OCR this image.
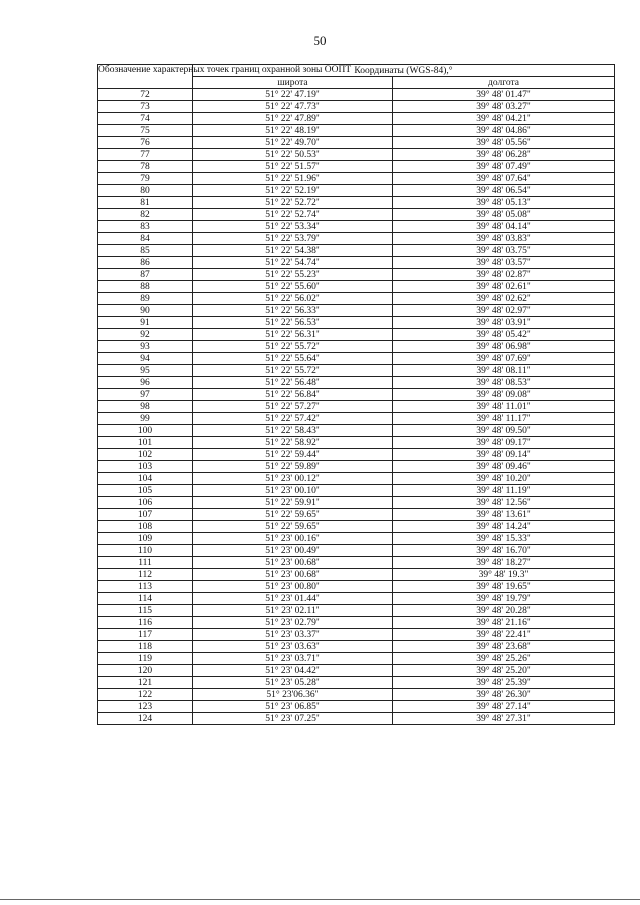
50
Обозначение характерных точек границ охранной зоны ООПТ	Координаты (WGS-84),°	
	широта	долгота
72	51° 22' 47.19"	39° 48' 01.47"
73	51° 22' 47.73"	39° 48' 03.27"
74	51° 22' 47.89"	39° 48' 04.21"
75	51° 22' 48.19"	39° 48' 04.86"
76	51° 22' 49.70"	39° 48' 05.56"
77	51° 22' 50.53"	39° 48' 06.28"
78	51° 22' 51.57"	39° 48' 07.49"
79	51° 22' 51.96"	39° 48' 07.64"
80	51° 22' 52.19"	39° 48' 06.54"
81	51° 22' 52.72"	39° 48' 05.13"
82	51° 22' 52.74"	39° 48' 05.08"
83	51° 22' 53.34"	39° 48' 04.14"
84	51° 22' 53.79"	39° 48' 03.83"
85	51° 22' 54.38"	39° 48' 03.75"
86	51° 22' 54.74"	39° 48' 03.57"
87	51° 22' 55.23"	39° 48' 02.87"
88	51° 22' 55.60"	39° 48' 02.61"
89	51° 22' 56.02"	39° 48' 02.62"
90	51° 22' 56.33"	39° 48' 02.97"
91	51° 22' 56.53"	39° 48' 03.91"
92	51° 22' 56.31"	39° 48' 05.42"
93	51° 22' 55.72"	39° 48' 06.98"
94	51° 22' 55.64"	39° 48' 07.69"
95	51° 22' 55.72"	39° 48' 08.11"
96	51° 22' 56.48"	39° 48' 08.53"
97	51° 22' 56.84"	39° 48' 09.08"
98	51° 22' 57.27"	39° 48' 11.01"
99	51° 22' 57.42"	39° 48' 11.17"
100	51° 22' 58.43"	39° 48' 09.50"
101	51° 22' 58.92"	39° 48' 09.17"
102	51° 22' 59.44"	39° 48' 09.14"
103	51° 22' 59.89"	39° 48' 09.46"
104	51° 23' 00.12"	39° 48' 10.20"
105	51° 23' 00.10"	39° 48' 11.19"
106	51° 22' 59.91"	39° 48' 12.56"
107	51° 22' 59.65"	39° 48' 13.61"
108	51° 22' 59.65"	39° 48' 14.24"
109	51° 23' 00.16"	39° 48' 15.33"
110	51° 23' 00.49"	39° 48' 16.70"
111	51° 23' 00.68"	39° 48' 18.27"
112	51° 23' 00.68"	39° 48' 19.3"
113	51° 23' 00.80"	39° 48' 19.65"
114	51° 23' 01.44"	39° 48' 19.79"
115	51° 23' 02.11"	39° 48' 20.28"
116	51° 23' 02.79"	39° 48' 21.16"
117	51° 23' 03.37"	39° 48' 22.41"
118	51° 23' 03.63"	39° 48' 23.68"
119	51° 23' 03.71"	39° 48' 25.26"
120	51° 23' 04.42"	39° 48' 25.20"
121	51° 23' 05.28"	39° 48' 25.39"
122	51° 23'06.36"	39° 48' 26.30"
123	51° 23' 06.85"	39° 48' 27.14"
124	51° 23' 07.25"	39° 48' 27.31"
